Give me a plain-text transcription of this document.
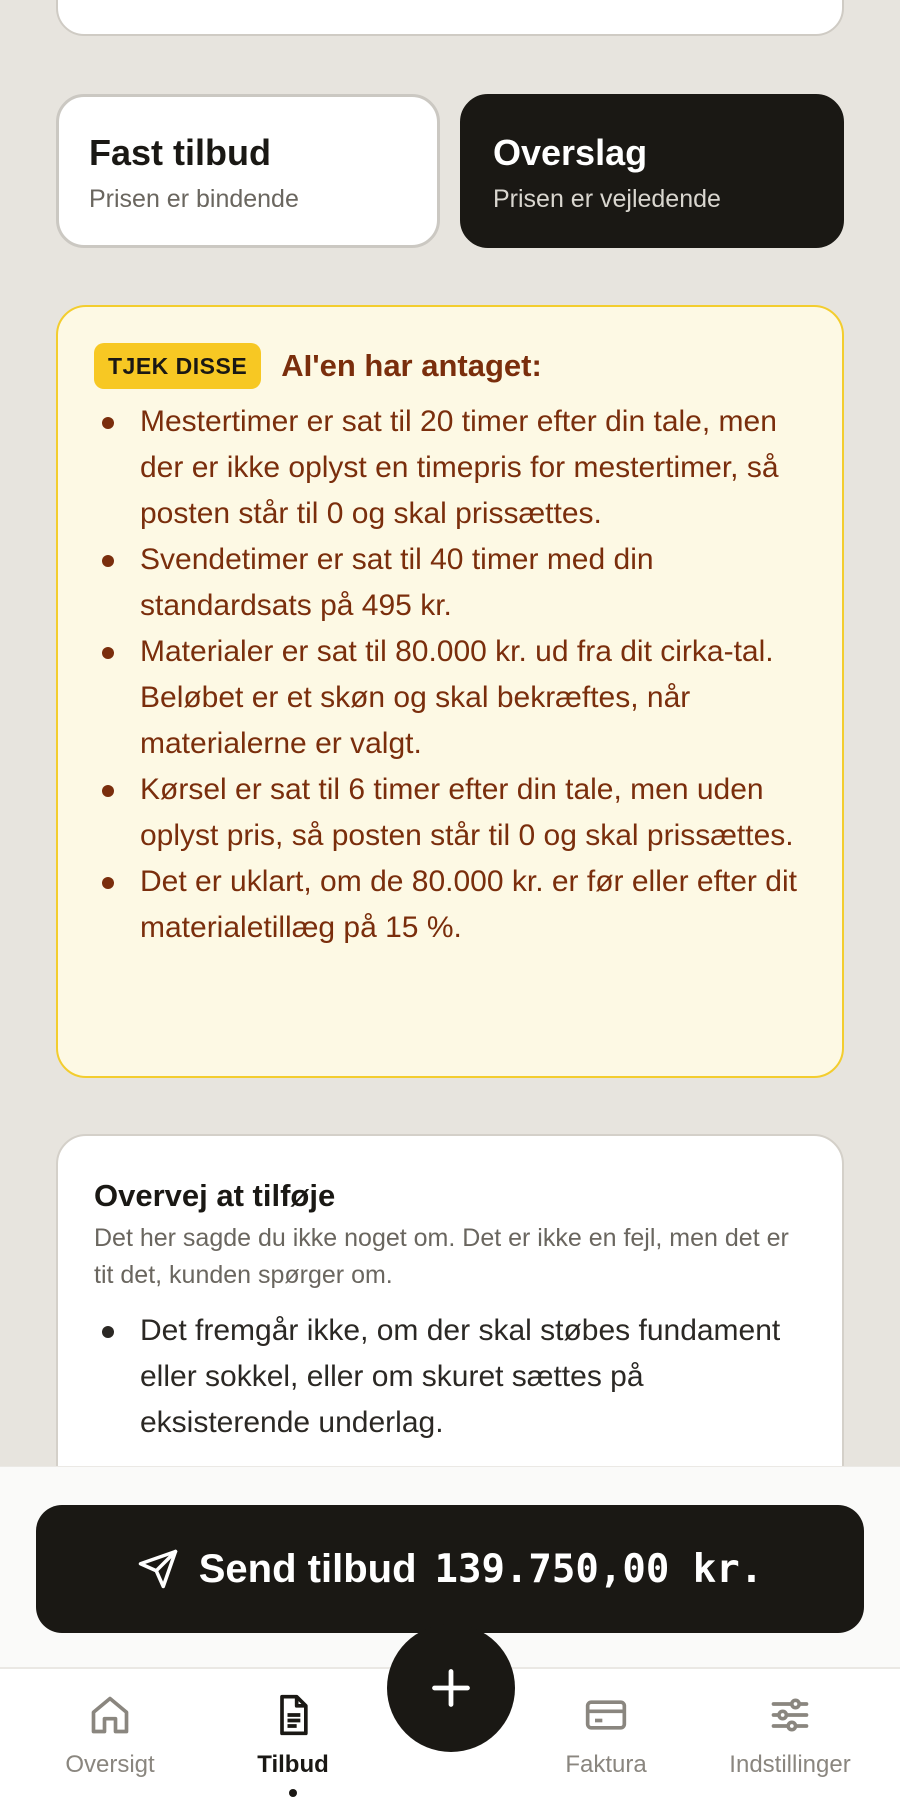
Fast tilbud
Prisen er bindende
Overslag
Prisen er vejledende
TJEK DISSE	AI'en har antaget:
Mestertimer er sat til 20 timer efter din tale, men der er ikke oplyst en timepris for mestertimer, så posten står til 0 og skal prissættes.
Svendetimer er sat til 40 timer med din standardsats på 495 kr.
Materialer er sat til 80.000 kr. ud fra dit cirka-tal. Beløbet er et skøn og skal bekræftes, når materialerne er valgt.
Kørsel er sat til 6 timer efter din tale, men uden oplyst pris, så posten står til 0 og skal prissættes.
Det er uklart, om de 80.000 kr. er før eller efter dit materialetillæg på 15 %.
Overvej at tilføje
Det her sagde du ikke noget om. Det er ikke en fejl, men det er tit det, kunden spørger om.
Det fremgår ikke, om der skal støbes fundament eller sokkel, eller om skuret sættes på eksisterende underlag.
Send tilbud 139.750,00 kr.
Oversigt	Tilbud	Faktura	Indstillinger
